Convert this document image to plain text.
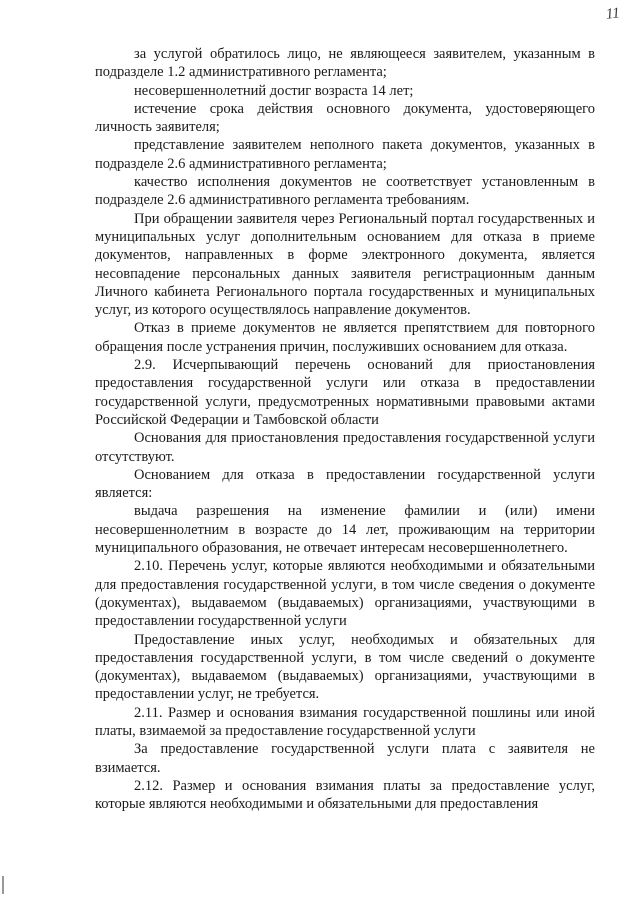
11

за услугой обратилось лицо, не являющееся заявителем, указанным в подразделе 1.2 административного регламента;

несовершеннолетний достиг возраста 14 лет;

истечение срока действия основного документа, удостоверяющего личность заявителя;

представление заявителем неполного пакета документов, указанных в подразделе 2.6 административного регламента;

качество исполнения документов не соответствует установленным в подразделе 2.6 административного регламента требованиям.

При обращении заявителя через Региональный портал государственных и муниципальных услуг дополнительным основанием для отказа в приеме документов, направленных в форме электронного документа, является несовпадение персональных данных заявителя регистрационным данным Личного кабинета Регионального портала государственных и муниципальных услуг, из которого осуществлялось направление документов.

Отказ в приеме документов не является препятствием для повторного обращения после устранения причин, послуживших основанием для отказа.

2.9. Исчерпывающий перечень оснований для приостановления предоставления государственной услуги или отказа в предоставлении государственной услуги, предусмотренных нормативными правовыми актами Российской Федерации и Тамбовской области

Основания для приостановления предоставления государственной услуги отсутствуют.

Основанием для отказа в предоставлении государственной услуги является:

выдача разрешения на изменение фамилии и (или) имени несовершеннолетним в возрасте до 14 лет, проживающим на территории муниципального образования, не отвечает интересам несовершеннолетнего.

2.10. Перечень услуг, которые являются необходимыми и обязательными для предоставления государственной услуги, в том числе сведения о документе (документах), выдаваемом (выдаваемых) организациями, участвующими в предоставлении государственной услуги

Предоставление иных услуг, необходимых и обязательных для предоставления государственной услуги, в том числе сведений о документе (документах), выдаваемом (выдаваемых) организациями, участвующими в предоставлении услуг, не требуется.

2.11. Размер и основания взимания государственной пошлины или иной платы, взимаемой за предоставление государственной услуги

За предоставление государственной услуги плата с заявителя не взимается.

2.12. Размер и основания взимания платы за предоставление услуг, которые являются необходимыми и обязательными для предоставления
